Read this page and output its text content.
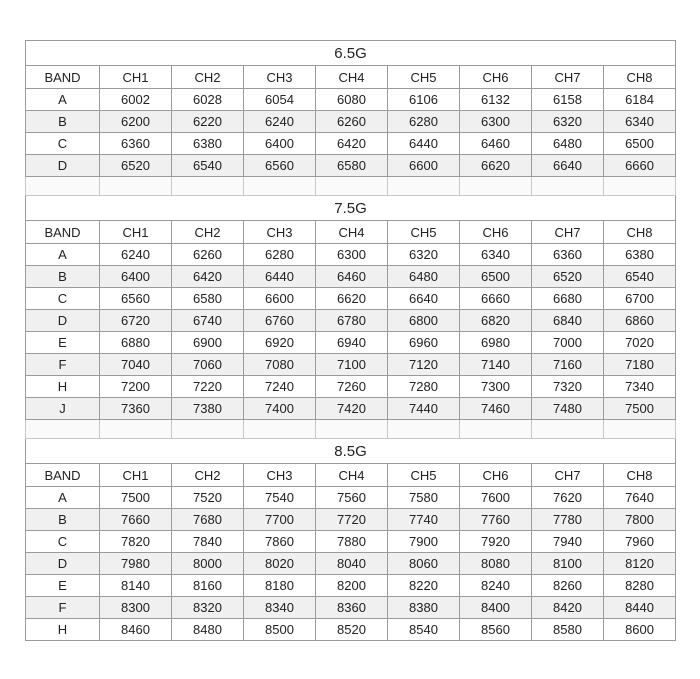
6.5G								
BAND	CH1	CH2	CH3	CH4	CH5	CH6	CH7	CH8
A	6002	6028	6054	6080	6106	6132	6158	6184
B	6200	6220	6240	6260	6280	6300	6320	6340
C	6360	6380	6400	6420	6440	6460	6480	6500
D	6520	6540	6560	6580	6600	6620	6640	6660

7.5G								
BAND	CH1	CH2	CH3	CH4	CH5	CH6	CH7	CH8
A	6240	6260	6280	6300	6320	6340	6360	6380
B	6400	6420	6440	6460	6480	6500	6520	6540
C	6560	6580	6600	6620	6640	6660	6680	6700
D	6720	6740	6760	6780	6800	6820	6840	6860
E	6880	6900	6920	6940	6960	6980	7000	7020
F	7040	7060	7080	7100	7120	7140	7160	7180
H	7200	7220	7240	7260	7280	7300	7320	7340
J	7360	7380	7400	7420	7440	7460	7480	7500

8.5G								
BAND	CH1	CH2	CH3	CH4	CH5	CH6	CH7	CH8
A	7500	7520	7540	7560	7580	7600	7620	7640
B	7660	7680	7700	7720	7740	7760	7780	7800
C	7820	7840	7860	7880	7900	7920	7940	7960
D	7980	8000	8020	8040	8060	8080	8100	8120
E	8140	8160	8180	8200	8220	8240	8260	8280
F	8300	8320	8340	8360	8380	8400	8420	8440
H	8460	8480	8500	8520	8540	8560	8580	8600
